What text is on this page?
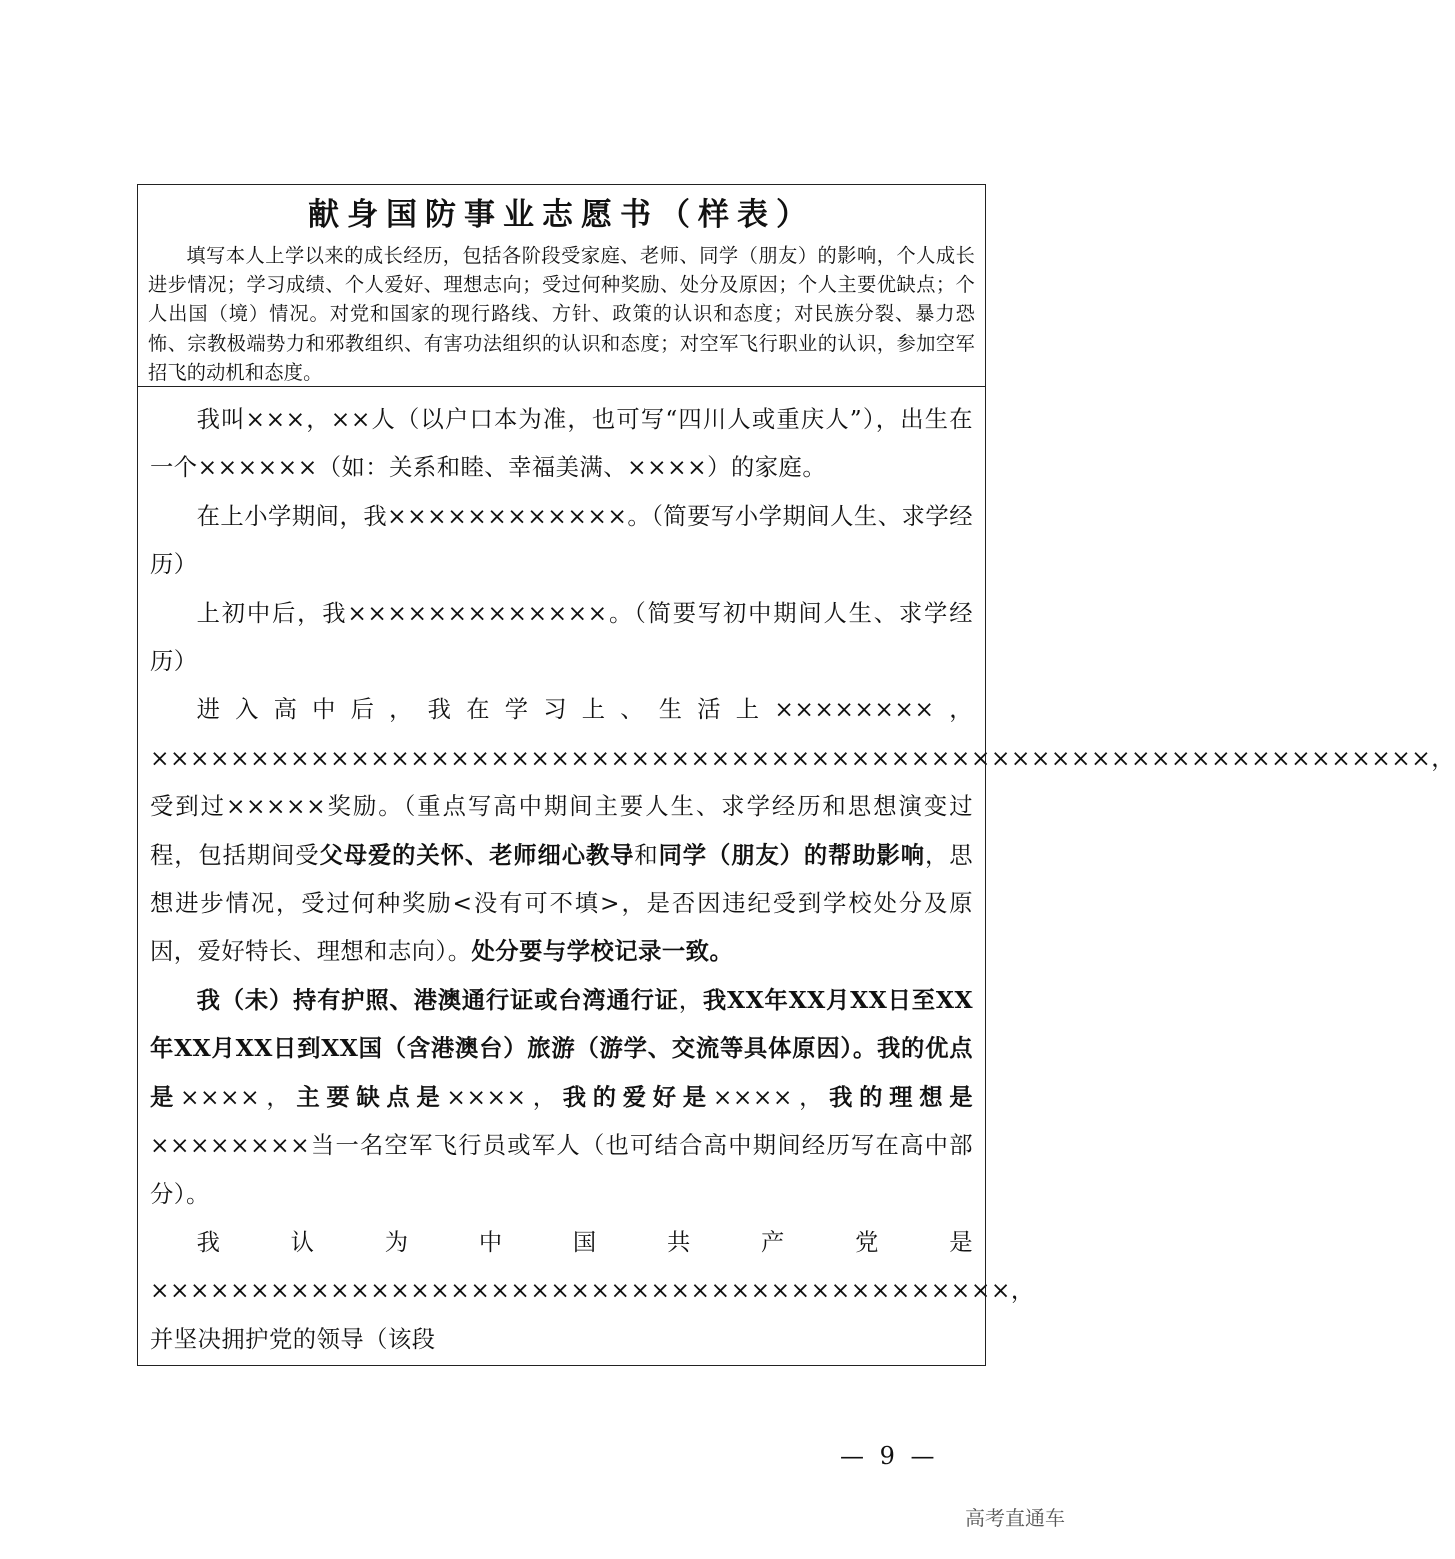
献身国防事业志愿书（样表）

填写本人上学以来的成长经历，包括各阶段受家庭、老师、同学（朋友）的影响，个人成长进步情况；学习成绩、个人爱好、理想志向；受过何种奖励、处分及原因；个人主要优缺点；个人出国（境）情况。对党和国家的现行路线、方针、政策的认识和态度；对民族分裂、暴力恐怖、宗教极端势力和邪教组织、有害功法组织的认识和态度；对空军飞行职业的认识，参加空军招飞的动机和态度。

我叫×××，××人（以户口本为准，也可写“四川人或重庆人”），出生在一个××××××（如：关系和睦、幸福美满、××××）的家庭。

在上小学期间，我××××××××××××。（简要写小学期间人生、求学经历）

上初中后，我×××××××××××××。（简要写初中期间人生、求学经历）

进入高中后，我在学习上、生活上××××××××，××××××××××××××××××××××××××××××××××××××××××××××××××××××××××××××××，受到过×××××奖励。（重点写高中期间主要人生、求学经历和思想演变过程，包括期间受父母爱的关怀、老师细心教导和同学（朋友）的帮助影响，思想进步情况，受过何种奖励<没有可不填>，是否因违纪受到学校处分及原因，爱好特长、理想和志向）。处分要与学校记录一致。

我（未）持有护照、港澳通行证或台湾通行证，我XX年XX月XX日至XX年XX月XX日到XX国（含港澳台）旅游（游学、交流等具体原因）。我的优点是××××，主要缺点是××××，我的爱好是××××，我的理想是××××××××当一名空军飞行员或军人（也可结合高中期间经历写在高中部分）。

我认为中国共产党是×××××××××××××××××××××××××××××××××××××××××××，并坚决拥护党的领导（该段

— 9 —
高考直通车
